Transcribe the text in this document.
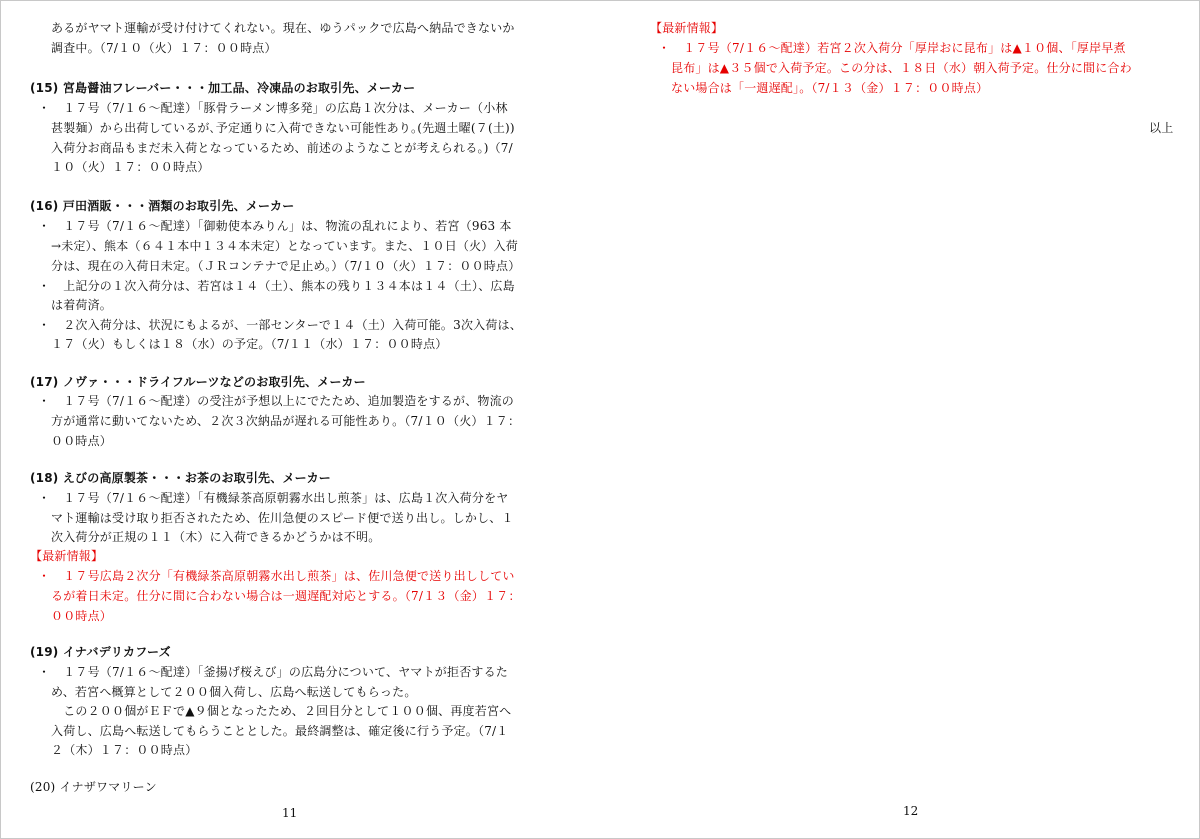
あるがヤマト運輸が受け付けてくれない。現在、ゆうパックで広島へ納品できないか
調査中。（7/１０（火）１７：００時点）
(15) 宮島醤油フレーバー・・・加工品、冷凍品のお取引先、メーカー
・ 　１７号（7/１６〜配達）「豚骨ラーメン博多発」の広島１次分は、メーカー（小林
甚製麺）から出荷しているが､予定通りに入荷できない可能性あり｡(先週土曜(７(土))
入荷分お商品もまだ未入荷となっているため、前述のようなことが考えられる。)（7/
１０（火）１７：００時点）
(16) 戸田酒販・・・酒類のお取引先、メーカー
・ 　１７号（7/１６〜配達）「御勅使本みりん」は、物流の乱れにより、若宮（963 本
→未定）、熊本（６４１本中１３４本未定）となっています。また、１０日（火）入荷
分は、現在の入荷日未定。（ＪＲコンテナで足止め。）（7/１０（火）１７：００時点）
・ 　上記分の１次入荷分は、若宮は１４（土）、熊本の残り１３４本は１４（土）、広島
は着荷済。
・ 　２次入荷分は、状況にもよるが、一部センターで１４（土）入荷可能。3次入荷は、
１７（火）もしくは１８（水）の予定。（7/１１（水）１７：００時点）
(17) ノヴァ・・・ドライフルーツなどのお取引先、メーカー
・ 　１７号（7/１６〜配達）の受注が予想以上にでたため、追加製造をするが、物流の
方が通常に動いてないため、２次３次納品が遅れる可能性あり。（7/１０（火）１７：
００時点）
(18) えびの高原製茶・・・お茶のお取引先、メーカー
・ 　１７号（7/１６〜配達）「有機緑茶高原朝霧水出し煎茶」は、広島１次入荷分をヤ
マト運輸は受け取り拒否されたため、佐川急便のスピード便で送り出し。しかし、１
次入荷分が正規の１１（木）に入荷できるかどうかは不明。
【最新情報】
・ 　１７号広島２次分「有機緑茶高原朝霧水出し煎茶」は、佐川急便で送り出ししてい
るが着日未定。仕分に間に合わない場合は一週遅配対応とする。（7/１３（金）１７：
００時点）
(19) イナバデリカフーズ
・ 　１７号（7/１６〜配達）「釜揚げ桜えび」の広島分について、ヤマトが拒否するた
め、若宮へ概算として２００個入荷し、広島へ転送してもらった。
　この２００個がＥＦで▲９個となったため、２回目分として１００個、再度若宮へ
入荷し、広島へ転送してもらうこととした。最終調整は、確定後に行う予定。（7/１
２（木）１７：００時点）
(20) イナザワマリーン
11
【最新情報】
・ 　１７号（7/１６〜配達）若宮２次入荷分「厚岸おに昆布」は▲１０個、「厚岸早煮
昆布」は▲３５個で入荷予定。この分は、１８日（水）朝入荷予定。仕分に間に合わ
ない場合は「一週遅配」。（7/１３（金）１７：００時点）
以上
12
